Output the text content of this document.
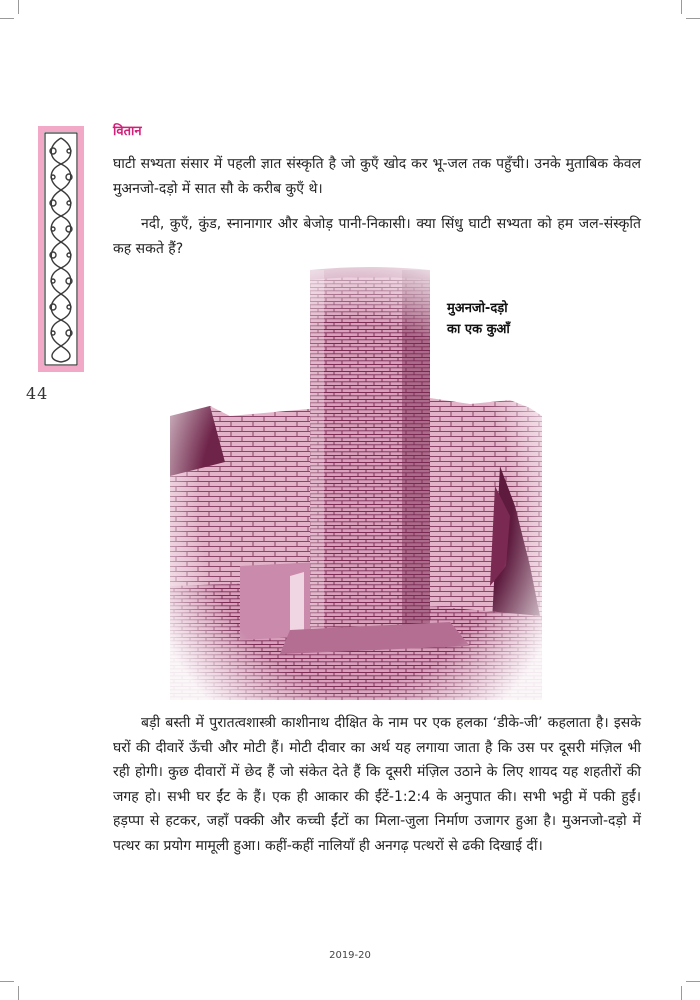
44
वितान

घाटी सभ्यता संसार में पहली ज्ञात संस्कृति है जो कुएँ खोद कर भू-जल तक पहुँची। उनके मुताबिक केवल मुअनजो-दड़ो में सात सौ के करीब कुएँ थे।

नदी, कुएँ, कुंड, स्नानागार और बेजोड़ पानी-निकासी। क्या सिंधु घाटी सभ्यता को हम जल-संस्कृति कह सकते हैं?

मुअनजो-दड़ो
का एक कुआँ

बड़ी बस्ती में पुरातत्वशास्त्री काशीनाथ दीक्षित के नाम पर एक हलका ‘डीके-जी’ कहलाता है। इसके घरों की दीवारें ऊँची और मोटी हैं। मोटी दीवार का अर्थ यह लगाया जाता है कि उस पर दूसरी मंज़िल भी रही होगी। कुछ दीवारों में छेद हैं जो संकेत देते हैं कि दूसरी मंज़िल उठाने के लिए शायद यह शहतीरों की जगह हो। सभी घर ईंट के हैं। एक ही आकार की ईंटें-1:2:4 के अनुपात की। सभी भट्ठी में पकी हुईं। हड़प्पा से हटकर, जहाँ पक्की और कच्ची ईंटों का मिला-जुला निर्माण उजागर हुआ है। मुअनजो-दड़ो में पत्थर का प्रयोग मामूली हुआ। कहीं-कहीं नालियाँ ही अनगढ़ पत्थरों से ढकी दिखाई दीं।

2019-20
